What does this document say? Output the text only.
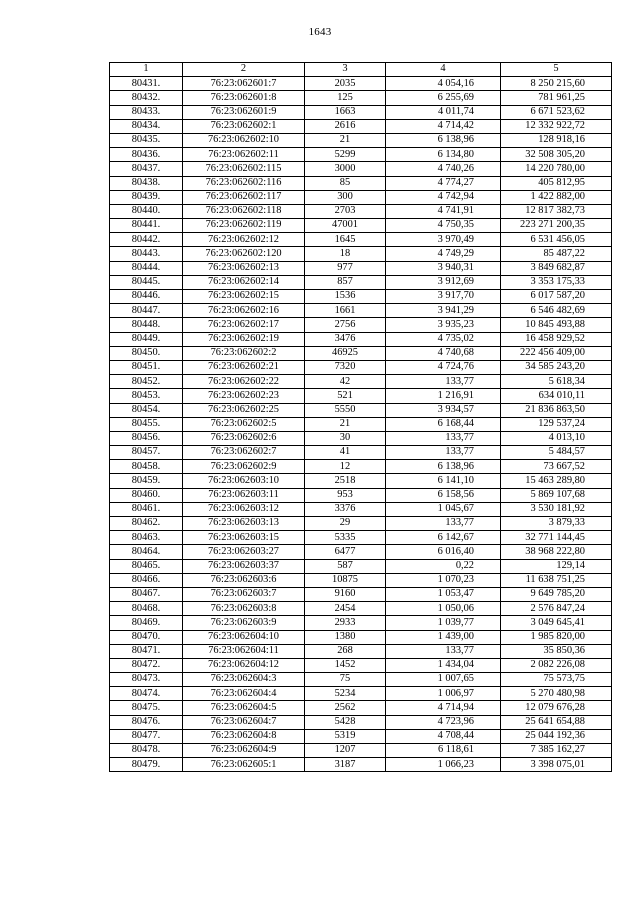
1643
1	2	3	4	5
80431.	76:23:062601:7	2035	4 054,16	8 250 215,60
80432.	76:23:062601:8	125	6 255,69	781 961,25
80433.	76:23:062601:9	1663	4 011,74	6 671 523,62
80434.	76:23:062602:1	2616	4 714,42	12 332 922,72
80435.	76:23:062602:10	21	6 138,96	128 918,16
80436.	76:23:062602:11	5299	6 134,80	32 508 305,20
80437.	76:23:062602:115	3000	4 740,26	14 220 780,00
80438.	76:23:062602:116	85	4 774,27	405 812,95
80439.	76:23:062602:117	300	4 742,94	1 422 882,00
80440.	76:23:062602:118	2703	4 741,91	12 817 382,73
80441.	76:23:062602:119	47001	4 750,35	223 271 200,35
80442.	76:23:062602:12	1645	3 970,49	6 531 456,05
80443.	76:23:062602:120	18	4 749,29	85 487,22
80444.	76:23:062602:13	977	3 940,31	3 849 682,87
80445.	76:23:062602:14	857	3 912,69	3 353 175,33
80446.	76:23:062602:15	1536	3 917,70	6 017 587,20
80447.	76:23:062602:16	1661	3 941,29	6 546 482,69
80448.	76:23:062602:17	2756	3 935,23	10 845 493,88
80449.	76:23:062602:19	3476	4 735,02	16 458 929,52
80450.	76:23:062602:2	46925	4 740,68	222 456 409,00
80451.	76:23:062602:21	7320	4 724,76	34 585 243,20
80452.	76:23:062602:22	42	133,77	5 618,34
80453.	76:23:062602:23	521	1 216,91	634 010,11
80454.	76:23:062602:25	5550	3 934,57	21 836 863,50
80455.	76:23:062602:5	21	6 168,44	129 537,24
80456.	76:23:062602:6	30	133,77	4 013,10
80457.	76:23:062602:7	41	133,77	5 484,57
80458.	76:23:062602:9	12	6 138,96	73 667,52
80459.	76:23:062603:10	2518	6 141,10	15 463 289,80
80460.	76:23:062603:11	953	6 158,56	5 869 107,68
80461.	76:23:062603:12	3376	1 045,67	3 530 181,92
80462.	76:23:062603:13	29	133,77	3 879,33
80463.	76:23:062603:15	5335	6 142,67	32 771 144,45
80464.	76:23:062603:27	6477	6 016,40	38 968 222,80
80465.	76:23:062603:37	587	0,22	129,14
80466.	76:23:062603:6	10875	1 070,23	11 638 751,25
80467.	76:23:062603:7	9160	1 053,47	9 649 785,20
80468.	76:23:062603:8	2454	1 050,06	2 576 847,24
80469.	76:23:062603:9	2933	1 039,77	3 049 645,41
80470.	76:23:062604:10	1380	1 439,00	1 985 820,00
80471.	76:23:062604:11	268	133,77	35 850,36
80472.	76:23:062604:12	1452	1 434,04	2 082 226,08
80473.	76:23:062604:3	75	1 007,65	75 573,75
80474.	76:23:062604:4	5234	1 006,97	5 270 480,98
80475.	76:23:062604:5	2562	4 714,94	12 079 676,28
80476.	76:23:062604:7	5428	4 723,96	25 641 654,88
80477.	76:23:062604:8	5319	4 708,44	25 044 192,36
80478.	76:23:062604:9	1207	6 118,61	7 385 162,27
80479.	76:23:062605:1	3187	1 066,23	3 398 075,01
